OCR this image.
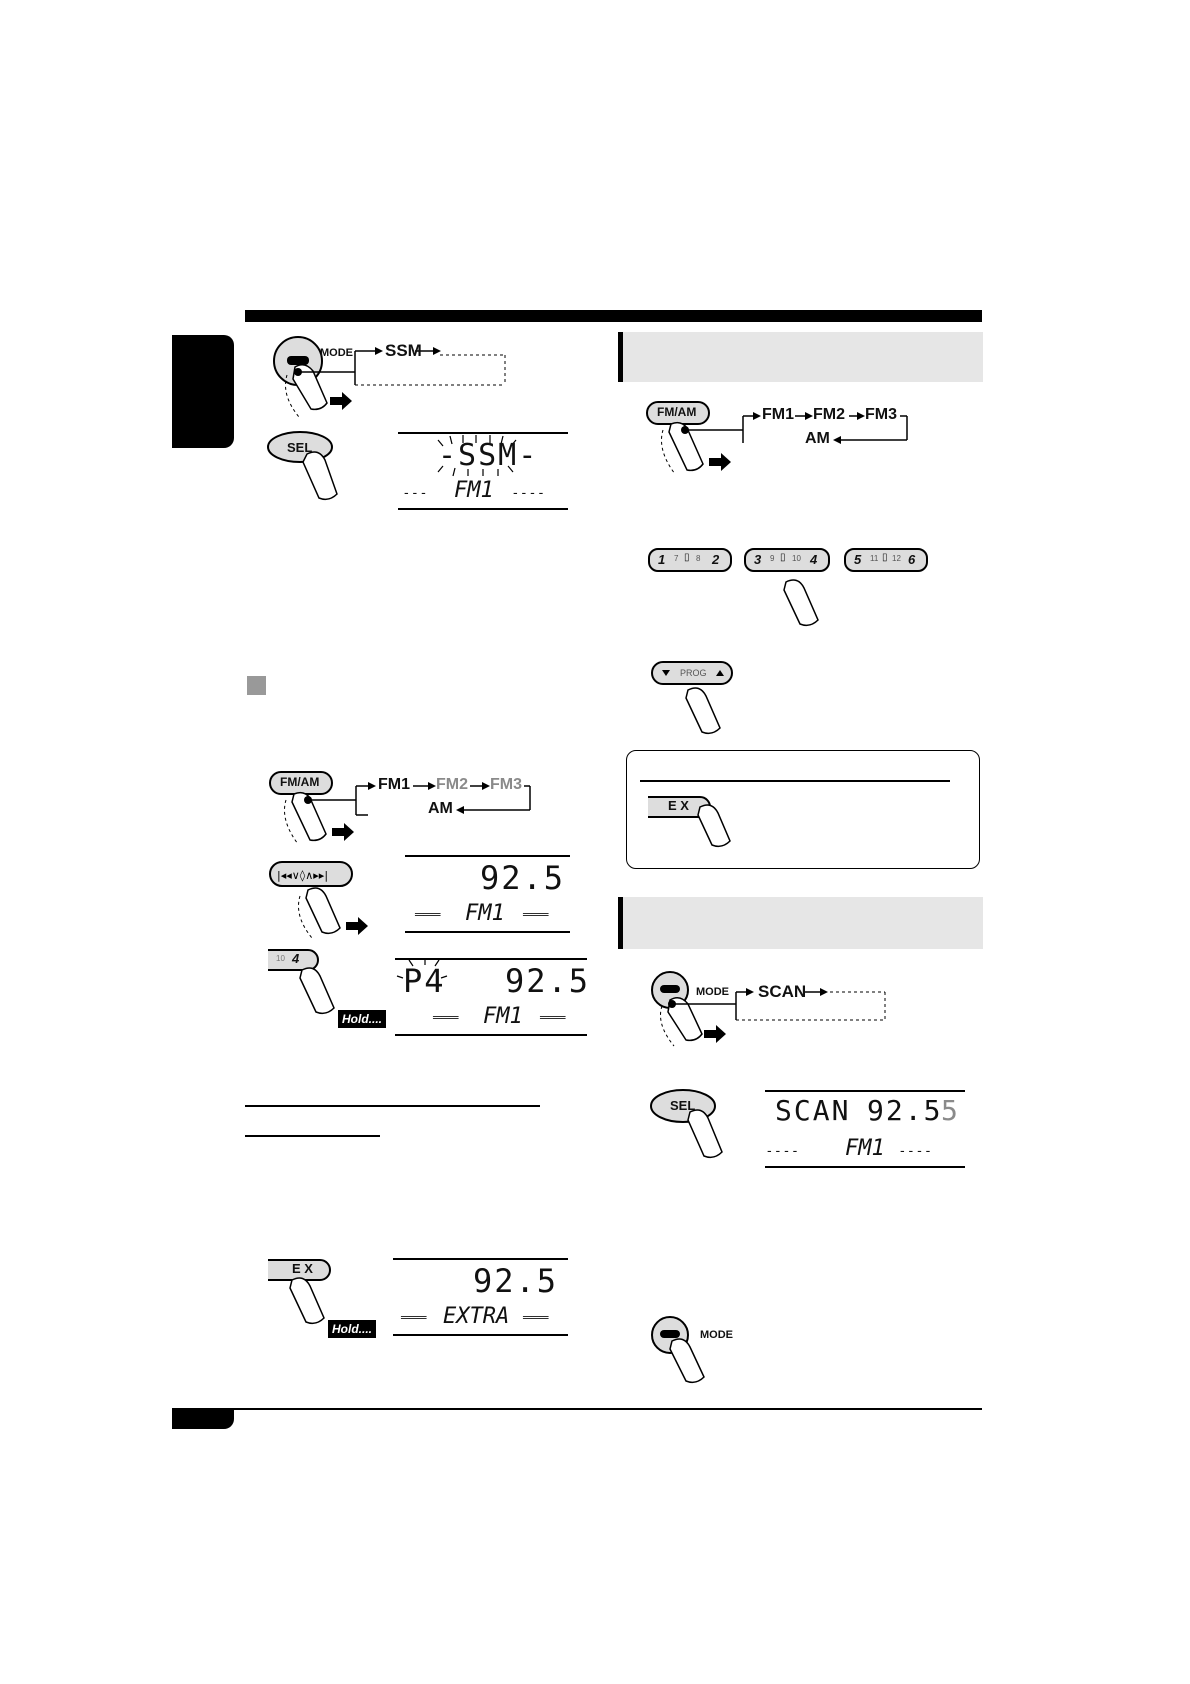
MODE SSM
SEL	-SSM-
- - - FM1 - - - -
FM/AM	FM1 FM2 FM3
AM
|◂◂∨◊∧▸▸|	92.5
═══ FM1 ═══
10 4
Hold....
P4 92.5
═══ FM1 ═══
E X
Hold....
92.5
═══ EXTRA ═══
FM/AM	FM1 FM2 FM3
AM
1 7 ▯ 8 2	3 9 ▯ 10 4	5 11 ▯ 12 6
PROG
E X
MODE SCAN
SEL	SCAN 92.5
5
- - - - FM1 - - - -
MODE
